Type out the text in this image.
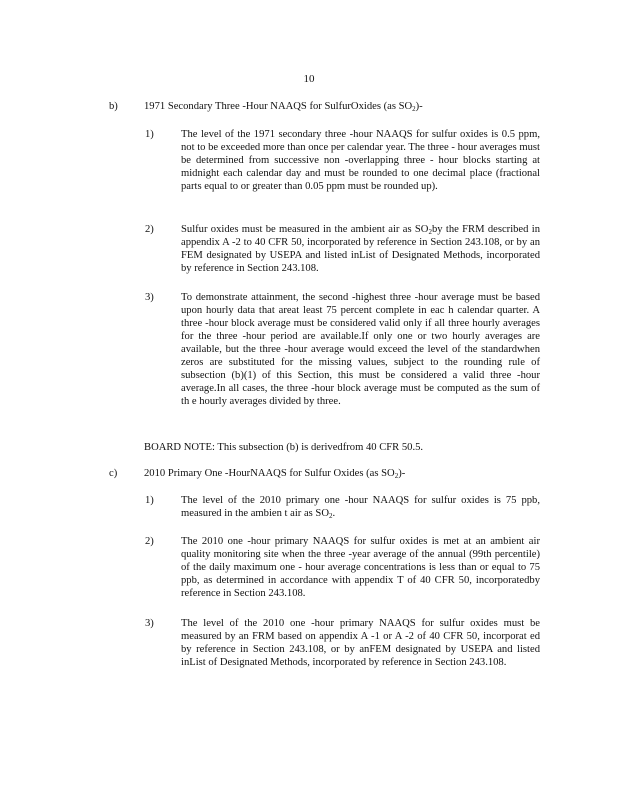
10
b) 1971 Secondary Three -Hour NAAQS for SulfurOxides (as $SO_2)-$
1)	The level of the 1971 secondary three -hour NAAQS for sulfur oxides is 0.5 ppm, not to be exceeded more than once per calendar year. The three - hour averages must be determined from successive non -overlapping three - hour blocks starting at midnight each calendar day and must be rounded to one decimal place (fractional parts equal to or greater than 0.05 ppm must be rounded up).
2)	Sulfur oxides must be measured in the ambient air as $SO_2by$ the FRM described in appendix A -2 to 40 CFR 50, incorporated by reference in Section 243.108, or by an FEM designated by USEPA and listed inList of Designated Methods, incorporated by reference in Section 243.108.
3)	To demonstrate attainment, the second -highest three -hour average must be based upon hourly data that areat least 75 percent complete in eac h calendar quarter. A three -hour block average must be considered valid only if all three hourly averages for the three -hour period are available.If only one or two hourly averages are available, but the three -hour average would exceed the level of the standardwhen zeros are substituted for the missing values, subject to the rounding rule of subsection (b)(1) of this Section, this must be considered a valid three -hour average.In all cases, the three -hour block average must be computed as the sum of th e hourly averages divided by three.
BOARD NOTE: This subsection (b) is derivedfrom 40 CFR 50.5.
c)	2010 Primary One -HourNAAQS for Sulfur Oxides (as $SO_2)-$
1)	The level of the 2010 primary one -hour NAAQS for sulfur oxides is 75 ppb, measured in the ambien t air as $SO_2$.
2)	The 2010 one -hour primary NAAQS for sulfur oxides is met at an ambient air quality monitoring site when the three -year average of the annual (99th percentile) of the daily maximum one - hour average concentrations is less than or equal to 75 ppb, as determined in accordance with appendix T of 40 CFR 50, incorporatedby reference in Section 243.108.
3)	The level of the 2010 one -hour primary NAAQS for sulfur oxides must be measured by an FRM based on appendix A -1 or A -2 of 40 CFR 50, incorporat ed by reference in Section 243.108, or by anFEM designated by USEPA and listed inList of Designated Methods, incorporated by reference in Section 243.108.
